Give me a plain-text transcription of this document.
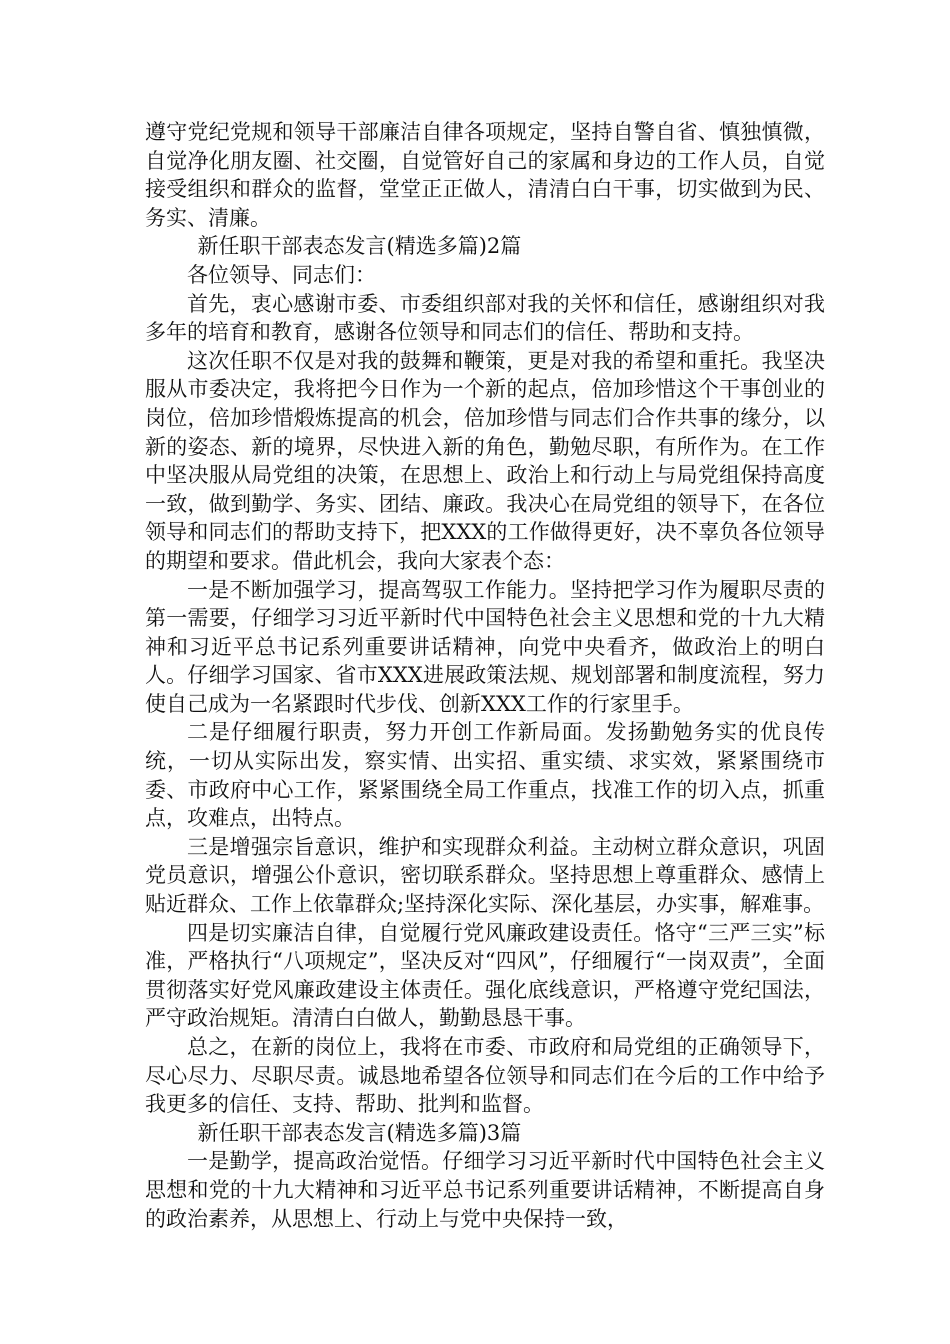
遵守党纪党规和领导干部廉洁自律各项规定，坚持自警自省、慎独慎微，自觉净化朋友圈、社交圈，自觉管好自己的家属和身边的工作人员，自觉接受组织和群众的监督，堂堂正正做人，清清白白干事，切实做到为民、务实、清廉。

新任职干部表态发言(精选多篇)2篇

各位领导、同志们：

首先，衷心感谢市委、市委组织部对我的关怀和信任，感谢组织对我多年的培育和教育，感谢各位领导和同志们的信任、帮助和支持。

这次任职不仅是对我的鼓舞和鞭策，更是对我的希望和重托。我坚决服从市委决定，我将把今日作为一个新的起点，倍加珍惜这个干事创业的岗位，倍加珍惜煅炼提高的机会，倍加珍惜与同志们合作共事的缘分，以新的姿态、新的境界，尽快进入新的角色，勤勉尽职，有所作为。在工作中坚决服从局党组的决策，在思想上、政治上和行动上与局党组保持高度一致，做到勤学、务实、团结、廉政。我决心在局党组的领导下，在各位领导和同志们的帮助支持下，把XXX的工作做得更好，决不辜负各位领导的期望和要求。借此机会，我向大家表个态：

一是不断加强学习，提高驾驭工作能力。坚持把学习作为履职尽责的第一需要，仔细学习习近平新时代中国特色社会主义思想和党的十九大精神和习近平总书记系列重要讲话精神，向党中央看齐，做政治上的明白人。仔细学习国家、省市XXX进展政策法规、规划部署和制度流程，努力使自己成为一名紧跟时代步伐、创新XXX工作的行家里手。

二是仔细履行职责，努力开创工作新局面。发扬勤勉务实的优良传统，一切从实际出发，察实情、出实招、重实绩、求实效，紧紧围绕市委、市政府中心工作，紧紧围绕全局工作重点，找准工作的切入点，抓重点，攻难点，出特点。

三是增强宗旨意识，维护和实现群众利益。主动树立群众意识，巩固党员意识，增强公仆意识，密切联系群众。坚持思想上尊重群众、感情上贴近群众、工作上依靠群众;坚持深化实际、深化基层，办实事，解难事。

四是切实廉洁自律，自觉履行党风廉政建设责任。恪守“三严三实”标准，严格执行“八项规定”，坚决反对“四风”，仔细履行“一岗双责”，全面贯彻落实好党风廉政建设主体责任。强化底线意识，严格遵守党纪国法，严守政治规矩。清清白白做人，勤勤恳恳干事。

总之，在新的岗位上，我将在市委、市政府和局党组的正确领导下，尽心尽力、尽职尽责。诚恳地希望各位领导和同志们在今后的工作中给予我更多的信任、支持、帮助、批判和监督。

新任职干部表态发言(精选多篇)3篇

一是勤学，提高政治觉悟。仔细学习习近平新时代中国特色社会主义思想和党的十九大精神和习近平总书记系列重要讲话精神，不断提高自身的政治素养，从思想上、行动上与党中央保持一致，
